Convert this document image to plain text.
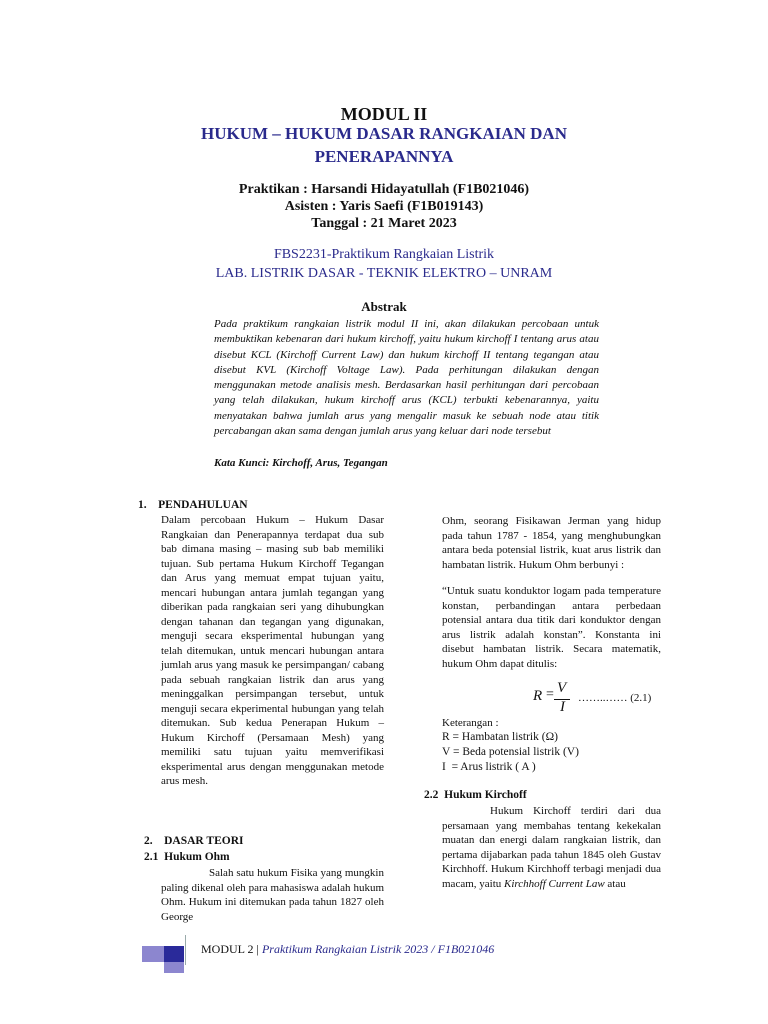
MODUL II
HUKUM – HUKUM DASAR RANGKAIAN DAN
PENERAPANNYA
Praktikan : Harsandi Hidayatullah (F1B021046)
Asisten : Yaris Saefi (F1B019143)
Tanggal : 21 Maret 2023
FBS2231-Praktikum Rangkaian Listrik
LAB. LISTRIK DASAR - TEKNIK ELEKTRO – UNRAM
Abstrak
Pada praktikum rangkaian listrik modul II ini, akan dilakukan percobaan untuk membuktikan kebenaran dari hukum kirchoff, yaitu hukum kirchoff I tentang arus atau disebut KCL (Kirchoff Current Law) dan hukum kirchoff II tentang tegangan atau disebut KVL (Kirchoff Voltage Law). Pada perhitungan dilakukan dengan menggunakan metode analisis mesh. Berdasarkan hasil perhitungan dari percobaan yang telah dilakukan, hukum kirchoff arus (KCL) terbukti kebenarannya, yaitu menyatakan bahwa jumlah arus yang mengalir masuk ke sebuah node atau titik percabangan akan sama dengan jumlah arus yang keluar dari node tersebut
Kata Kunci: Kirchoff, Arus, Tegangan
1.    PENDAHULUAN
Dalam percobaan Hukum – Hukum Dasar Rangkaian dan Penerapannya terdapat dua sub bab dimana masing – masing sub bab memiliki tujuan. Sub pertama Hukum Kirchoff Tegangan dan Arus yang memuat empat tujuan yaitu, mencari hubungan antara jumlah tegangan yang diberikan pada rangkaian seri yang dihubungkan dengan tahanan dan tegangan yang digunakan, menguji secara eksperimental hubungan yang telah ditemukan, untuk mencari hubungan antara jumlah arus yang masuk ke persimpangan/ cabang pada sebuah rangkaian listrik dan arus yang meninggalkan persimpangan tersebut, untuk menguji secara ekperimental hubungan yang telah ditemukan. Sub kedua Penerapan Hukum – Hukum Kirchoff (Persamaan Mesh) yang memiliki satu tujuan yaitu memverifikasi eksperimental arus dengan menggunakan metode arus mesh.
2.    DASAR TEORI
2.1  Hukum Ohm
Salah satu hukum Fisika yang mungkin paling dikenal oleh para mahasiswa adalah hukum Ohm. Hukum ini ditemukan pada tahun 1827 oleh George
Ohm, seorang Fisikawan Jerman yang hidup pada tahun 1787 - 1854, yang menghubungkan antara beda potensial listrik, kuat arus listrik dan hambatan listrik. Hukum Ohm berbunyi :
“Untuk suatu konduktor logam pada temperature konstan, perbandingan antara perbedaan potensial antara dua titik dari konduktor dengan arus listrik adalah konstan”. Konstanta ini disebut hambatan listrik. Secara matematik, hukum Ohm dapat ditulis:
R = V
I
……..…… (2.1)
Keterangan :
R = Hambatan listrik (Ω)
V = Beda potensial listrik (V)
I  = Arus listrik ( A )
2.2  Hukum Kirchoff
Hukum Kirchoff terdiri dari dua persamaan yang membahas tentang kekekalan muatan dan energi dalam rangkaian listrik, dan pertama dijabarkan pada tahun 1845 oleh Gustav Kirchhoff. Hukum Kirchhoff terbagi menjadi dua macam, yaitu Kirchhoff Current Law atau
MODUL 2 | Praktikum Rangkaian Listrik 2023 / F1B021046
